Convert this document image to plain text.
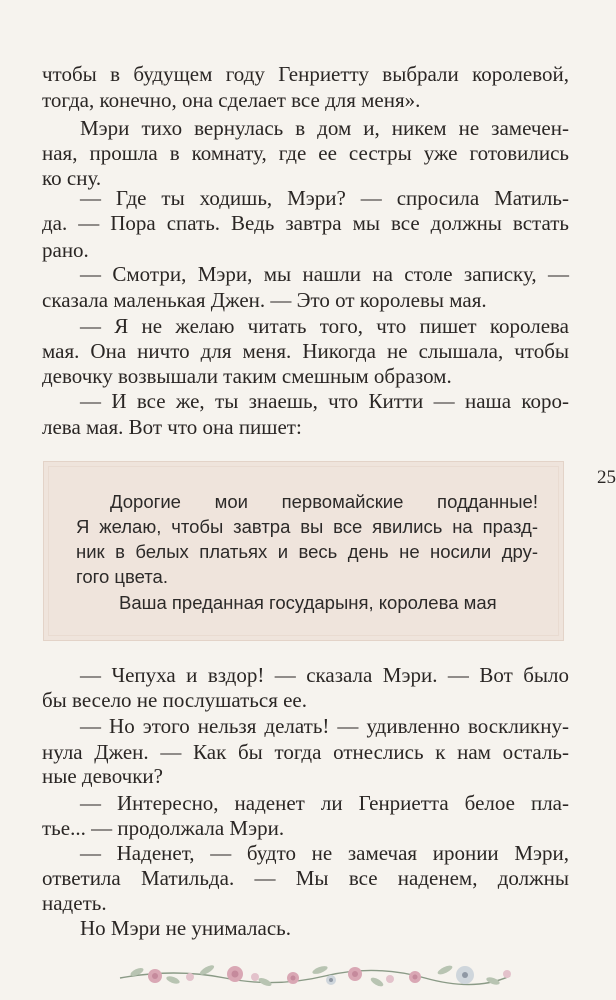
чтобы в будущем году Генриетту выбрали королевой,
тогда, конечно, она сделает все для меня».
Мэри тихо вернулась в дом и, никем не замечен-
ная, прошла в комнату, где ее сестры уже готовились
ко сну.
— Где ты ходишь, Мэри? — спросила Матиль-
да. — Пора спать. Ведь завтра мы все должны встать
рано.
— Смотри, Мэри, мы нашли на столе записку, —
сказала маленькая Джен. — Это от королевы мая.
— Я не желаю читать того, что пишет королева
мая. Она ничто для меня. Никогда не слышала, чтобы
девочку возвышали таким смешным образом.
— И все же, ты знаешь, что Китти — наша коро-
лева мая. Вот что она пишет:
25
Дорогие мои первомайские подданные!
Я желаю, чтобы завтра вы все явились на празд-
ник в белых платьях и весь день не носили дру-
гого цвета.
Ваша преданная государыня, королева мая
— Чепуха и вздор! — сказала Мэри. — Вот было
бы весело не послушаться ее.
— Но этого нельзя делать! — удивленно воскликну-
нула Джен. — Как бы тогда отнеслись к нам осталь-
ные девочки?
— Интересно, наденет ли Генриетта белое пла-
тье... — продолжала Мэри.
— Наденет, — будто не замечая иронии Мэри,
ответила Матильда. — Мы все наденем, должны
надеть.
Но Мэри не унималась.
